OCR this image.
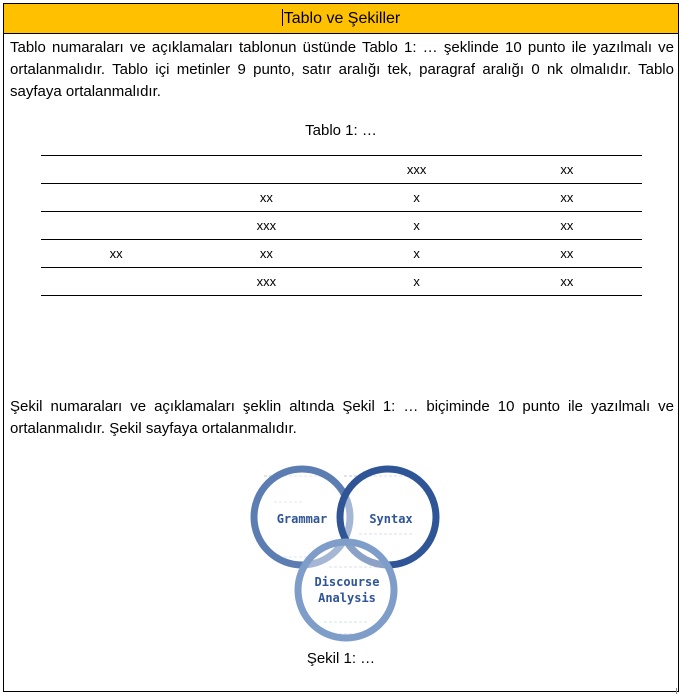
Tablo ve Şekiller
Tablo numaraları ve açıklamaları tablonun üstünde Tablo 1: … şeklinde 10 punto ile yazılmalı ve ortalanmalıdır. Tablo içi metinler 9 punto, satır aralığı tek, paragraf aralığı 0 nk olmalıdır. Tablo sayfaya ortalanmalıdır.
Tablo 1: …
		xxx	xx
	xx	x	xx
	xxx	x	xx
xx	xx	x	xx
	xxx	x	xx
Şekil numaraları ve açıklamaları şeklin altında Şekil 1: … biçiminde 10 punto ile yazılmalı ve ortalanmalıdır. Şekil sayfaya ortalanmalıdır.
Grammar	Syntax
Discourse
Analysis
Şekil 1: …
